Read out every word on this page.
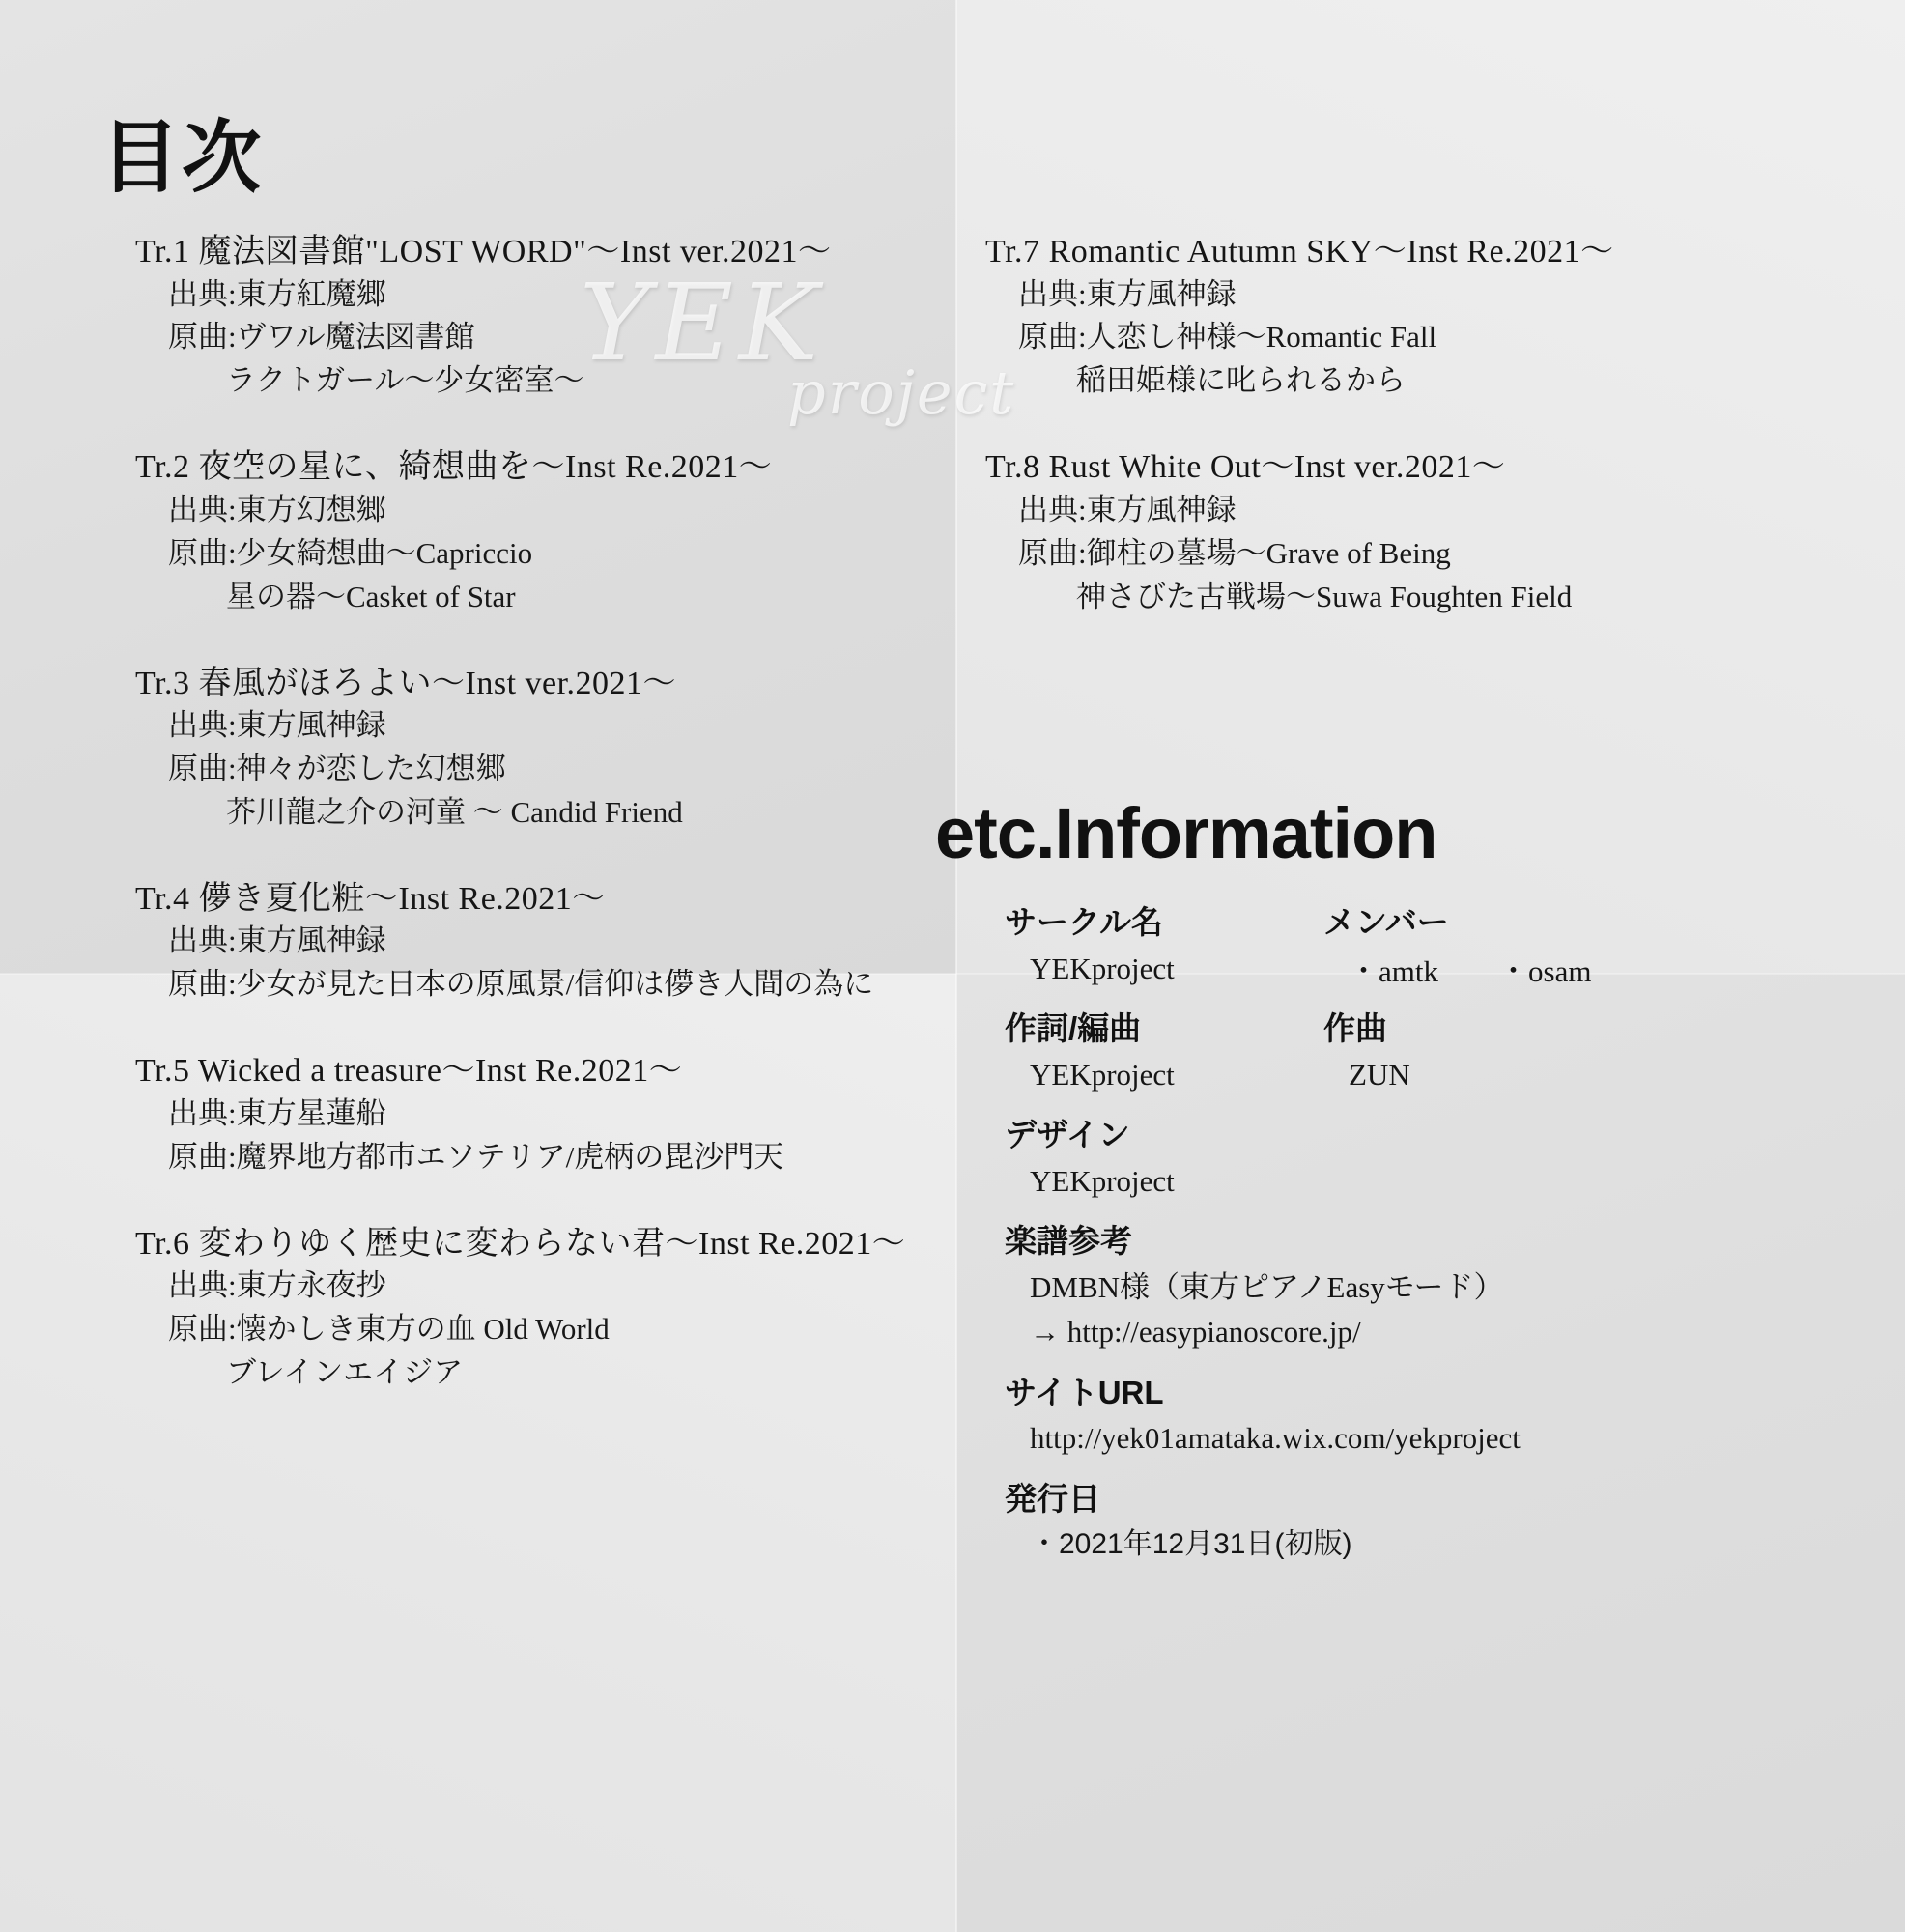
YEK
project
目次
Tr.1 魔法図書館"LOST WORD"〜Inst ver.2021〜
出典:東方紅魔郷
原曲:ヴワル魔法図書館
ラクトガール〜少女密室〜
Tr.2 夜空の星に、綺想曲を〜Inst Re.2021〜
出典:東方幻想郷
原曲:少女綺想曲〜Capriccio
星の器〜Casket of Star
Tr.3 春風がほろよい〜Inst ver.2021〜
出典:東方風神録
原曲:神々が恋した幻想郷
芥川龍之介の河童 〜 Candid Friend
Tr.4 儚き夏化粧〜Inst Re.2021〜
出典:東方風神録
原曲:少女が見た日本の原風景/信仰は儚き人間の為に
Tr.5 Wicked a treasure〜Inst Re.2021〜
出典:東方星蓮船
原曲:魔界地方都市エソテリア/虎柄の毘沙門天
Tr.6 変わりゆく歴史に変わらない君〜Inst Re.2021〜
出典:東方永夜抄
原曲:懐かしき東方の血 Old World
ブレインエイジア
Tr.7 Romantic Autumn SKY〜Inst Re.2021〜
出典:東方風神録
原曲:人恋し神様〜Romantic Fall
稲田姫様に叱られるから
Tr.8 Rust White Out〜Inst ver.2021〜
出典:東方風神録
原曲:御柱の墓場〜Grave of Being
神さびた古戦場〜Suwa Foughten Field
etc.Information
サークル名
YEKproject
メンバー
・amtk ・osam
作詞/編曲
YEKproject
作曲
ZUN
デザイン
YEKproject
楽譜参考
DMBN様（東方ピアノEasyモード）
→ http://easypianoscore.jp/
サイトURL
http://yek01amataka.wix.com/yekproject
発行日
・2021年12月31日(初版)
